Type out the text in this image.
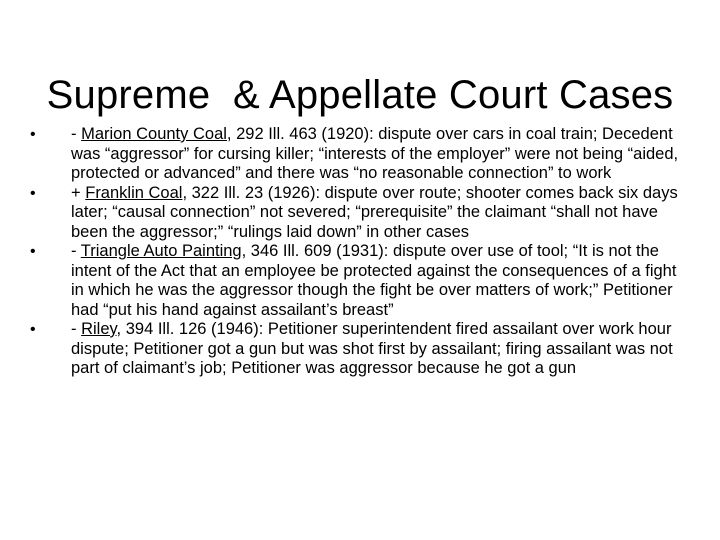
Supreme  & Appellate Court Cases
•	- Marion County Coal, 292 Ill. 463 (1920): dispute over cars in coal train; Decedent was “aggressor” for cursing killer; “interests of the employer” were not being “aided, protected or advanced” and there was “no reasonable connection” to work
•	+ Franklin Coal, 322 Ill. 23 (1926): dispute over route; shooter comes back six days later; “causal connection” not severed; “prerequisite” the claimant “shall not have been the aggressor;” “rulings laid down” in other cases
•	- Triangle Auto Painting, 346 Ill. 609 (1931): dispute over use of tool; “It is not the intent of the Act that an employee be protected against the consequences of a fight in which he was the aggressor though the fight be over matters of work;” Petitioner had “put his hand against assailant’s breast”
•	- Riley, 394 Ill. 126 (1946): Petitioner superintendent fired assailant over work hour dispute; Petitioner got a gun but was shot first by assailant; firing assailant was not part of claimant’s job; Petitioner was aggressor because he got a gun
